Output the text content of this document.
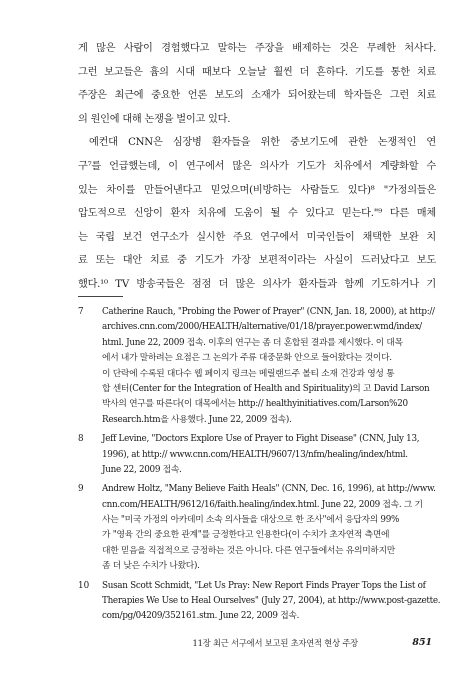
게 많은 사람이 경험했다고 말하는 주장을 배제하는 것은 무례한 처사다.
그런 보고들은 흄의 시대 때보다 오늘날 훨씬 더 흔하다. 기도를 통한 치료
주장은 최근에 중요한 언론 보도의 소재가 되어왔는데 학자들은 그런 치료
의 원인에 대해 논쟁을 벌이고 있다.
예컨대 CNN은 심장병 환자들을 위한 중보기도에 관한 논쟁적인 연
구⁷를 언급했는데, 이 연구에서 많은 의사가 기도가 치유에서 계량화할 수
있는 차이를 만들어낸다고 믿었으며(비방하는 사람들도 있다)⁸ "가정의들은
압도적으로 신앙이 환자 치유에 도움이 될 수 있다고 믿는다."⁹ 다른 매체
는 국립 보건 연구소가 실시한 주요 연구에서 미국인들이 채택한 보완 치
료 또는 대안 치료 중 기도가 가장 보편적이라는 사실이 드러났다고 보도
했다.¹⁰ TV 방송국들은 점점 더 많은 의사가 환자들과 함께 기도하거나 기
7 Catherine Rauch, "Probing the Power of Prayer" (CNN, Jan. 18, 2000), at http://
archives.cnn.com/2000/HEALTH/alternative/01/18/prayer.power.wmd/index/
html. June 22, 2009 접속. 이후의 연구는 좀 더 혼합된 결과를 제시했다. 이 대목
에서 내가 말하려는 요점은 그 논의가 주류 대중문화 안으로 들어왔다는 것이다.
이 단락에 수록된 대다수 웹 페이지 링크는 메릴랜드주 볼티 소재 건강과 영성 통
합 센터(Center for the Integration of Health and Spirituality)의 고 David Larson
박사의 연구를 따른다(이 대목에서는 http:// healthyinitiatives.com/Larson%20
Research.htm을 사용했다. June 22, 2009 접속).
8 Jeff Levine, "Doctors Explore Use of Prayer to Fight Disease" (CNN, July 13,
1996), at http:// www.cnn.com/HEALTH/9607/13/nfm/healing/index/html.
June 22, 2009 접속.
9 Andrew Holtz, "Many Believe Faith Heals" (CNN, Dec. 16, 1996), at http://www.
cnn.com/HEALTH/9612/16/faith.healing/index.html. June 22, 2009 접속. 그 기
사는 "미국 가정의 아카데미 소속 의사들을 대상으로 한 조사"에서 응답자의 99%
가 "영육 간의 중요한 관계"를 긍정한다고 인용한다(이 수치가 초자연적 측면에
대한 믿음을 직접적으로 긍정하는 것은 아니다. 다른 연구들에서는 유의미하지만
좀 더 낮은 수치가 나왔다).
10 Susan Scott Schmidt, "Let Us Pray: New Report Finds Prayer Tops the List of
Therapies We Use to Heal Ourselves" (July 27, 2004), at http://www.post-gazette.
com/pg/04209/352161.stm. June 22, 2009 접속.
11장 최근 서구에서 보고된 초자연적 현상 주장	851
